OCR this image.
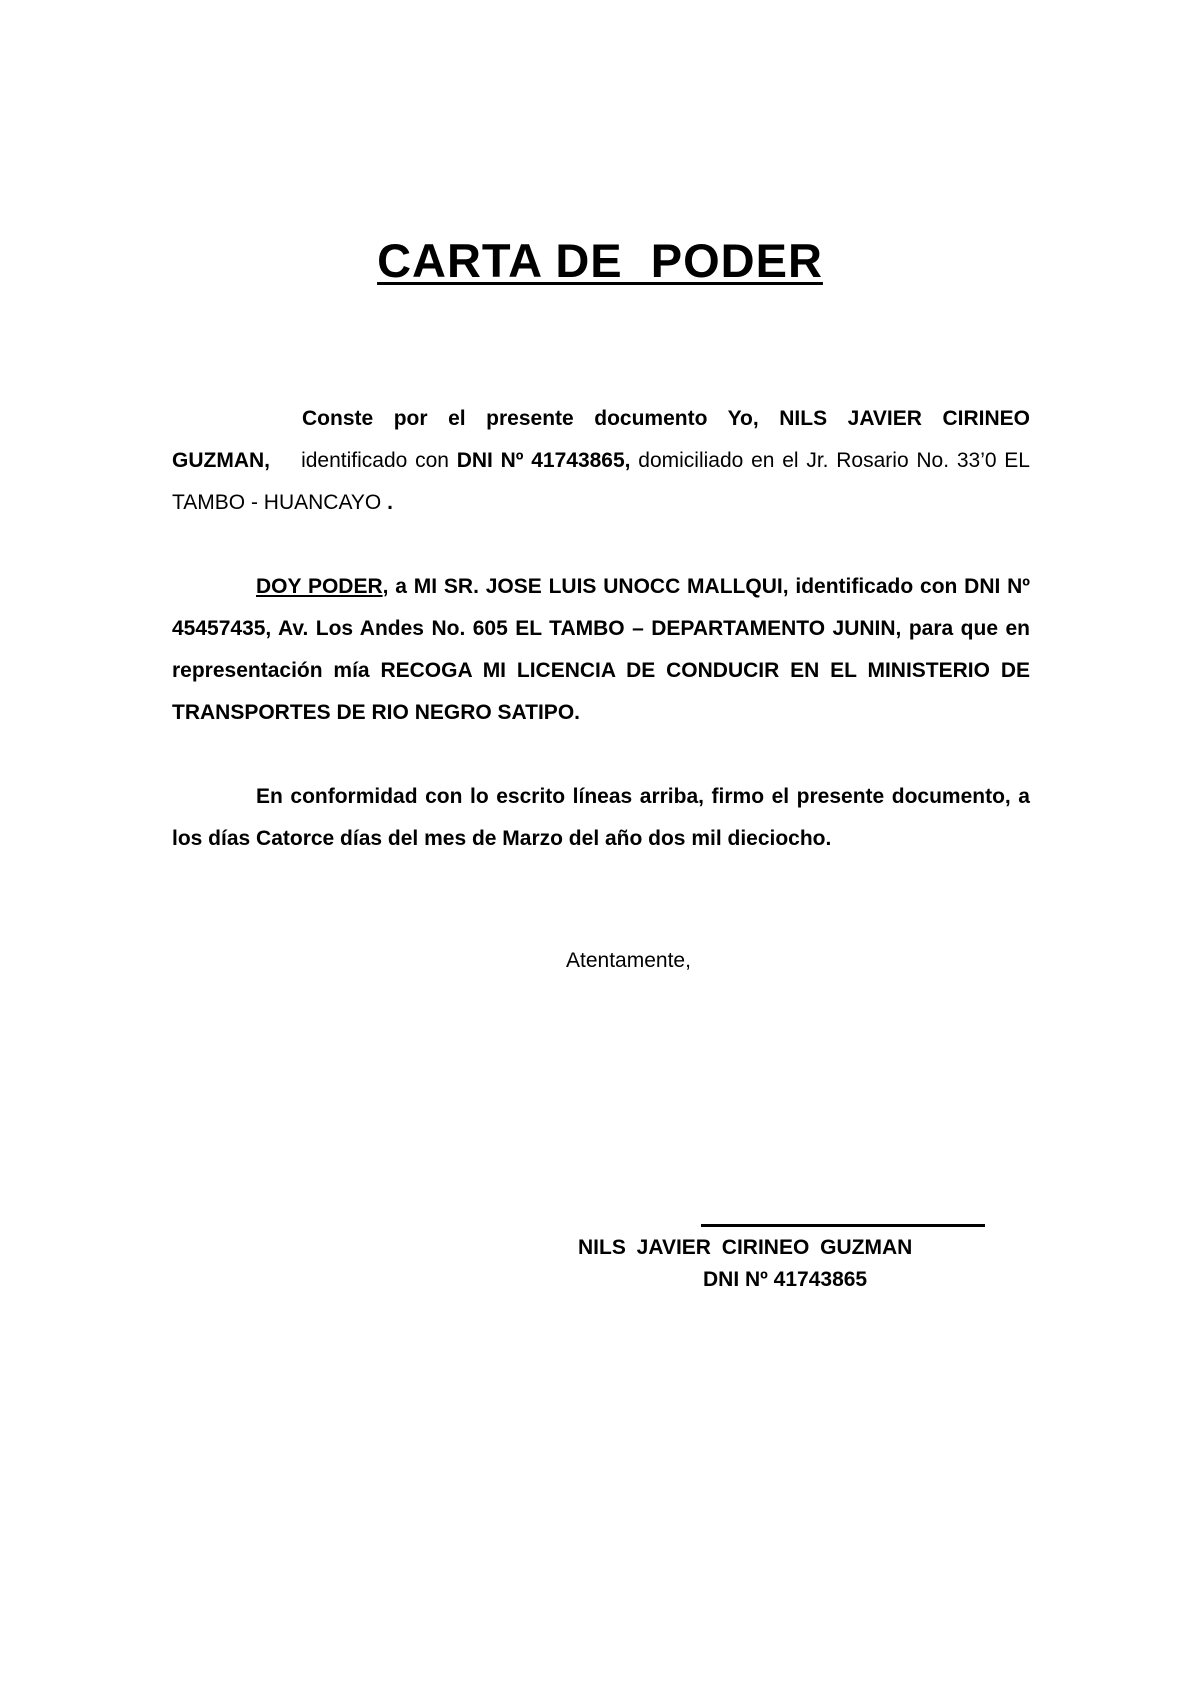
CARTA DE  PODER

Conste por el presente documento Yo, NILS JAVIER CIRINEO GUZMAN, identificado con DNI Nº 41743865, domiciliado en el Jr. Rosario No. 33’0 EL TAMBO - HUANCAYO .

DOY PODER, a MI SR. JOSE LUIS UNOCC MALLQUI, identificado con DNI Nº 45457435, Av. Los Andes No. 605 EL TAMBO – DEPARTAMENTO JUNIN, para que en representación mía RECOGA MI LICENCIA DE CONDUCIR EN EL MINISTERIO DE TRANSPORTES DE RIO NEGRO SATIPO.

En conformidad con lo escrito líneas arriba, firmo el presente documento, a los días Catorce días del mes de Marzo del año dos mil dieciocho.

Atentamente,

NILS JAVIER CIRINEO GUZMAN

DNI Nº 41743865
